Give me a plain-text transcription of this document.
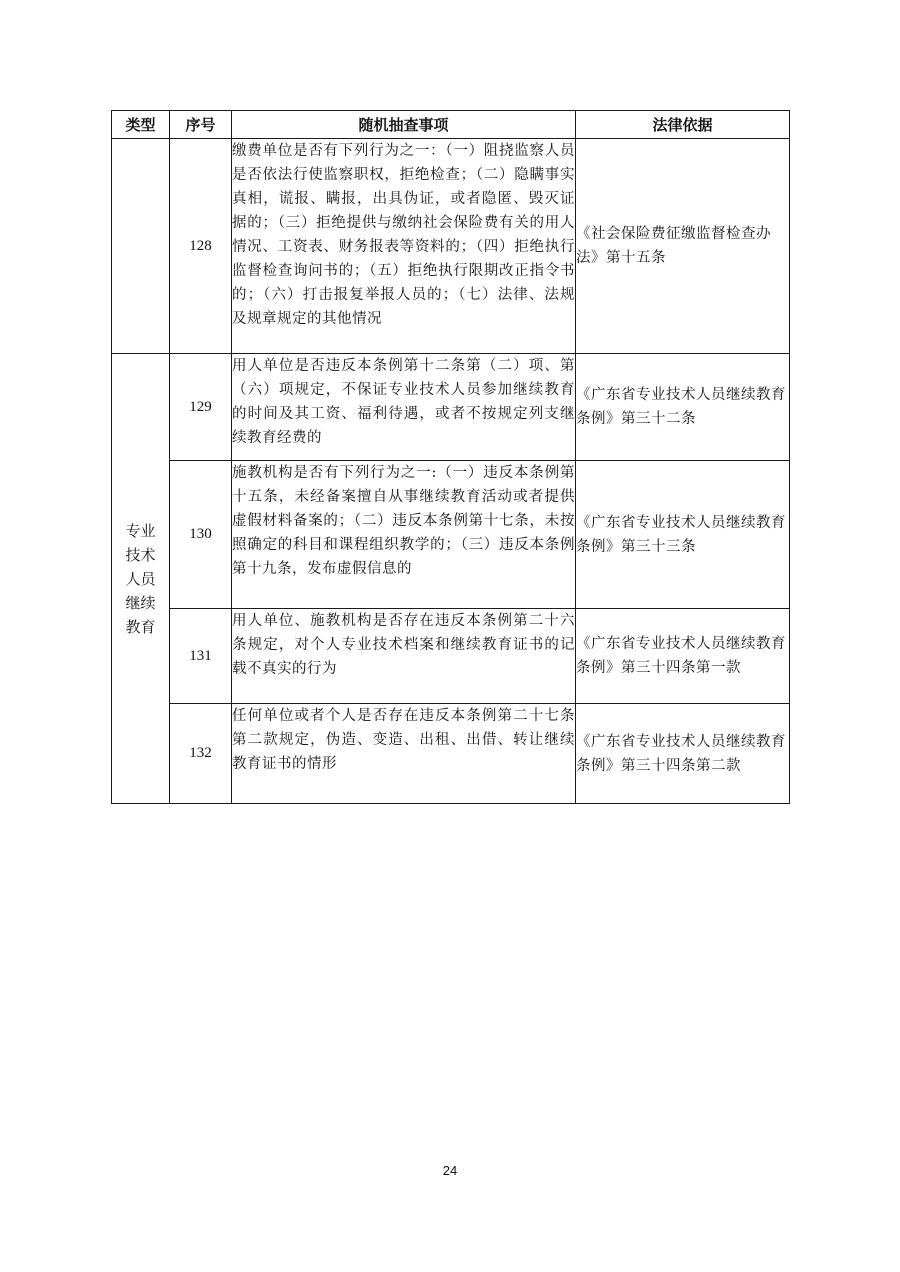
类型	序号	随机抽查事项	法律依据
	128	缴费单位是否有下列行为之一：（一）阻挠监察人员是否依法行使监察职权，拒绝检查；（二）隐瞒事实真相，谎报、瞒报，出具伪证，或者隐匿、毁灭证据的；（三）拒绝提供与缴纳社会保险费有关的用人情况、工资表、财务报表等资料的；（四）拒绝执行监督检查询问书的；（五）拒绝执行限期改正指令书的；（六）打击报复举报人员的；（七）法律、法规及规章规定的其他情况	《社会保险费征缴监督检查办法》第十五条
专业技术人员继续教育	129	用人单位是否违反本条例第十二条第（二）项、第（六）项规定，不保证专业技术人员参加继续教育的时间及其工资、福利待遇，或者不按规定列支继续教育经费的	《广东省专业技术人员继续教育条例》第三十二条
	130	施教机构是否有下列行为之一:（一）违反本条例第十五条，未经备案擅自从事继续教育活动或者提供虚假材料备案的；（二）违反本条例第十七条，未按照确定的科目和课程组织教学的；（三）违反本条例第十九条，发布虚假信息的	《广东省专业技术人员继续教育条例》第三十三条
	131	用人单位、施教机构是否存在违反本条例第二十六条规定，对个人专业技术档案和继续教育证书的记载不真实的行为	《广东省专业技术人员继续教育条例》第三十四条第一款
	132	任何单位或者个人是否存在违反本条例第二十七条第二款规定，伪造、变造、出租、出借、转让继续教育证书的情形	《广东省专业技术人员继续教育条例》第三十四条第二款
24
